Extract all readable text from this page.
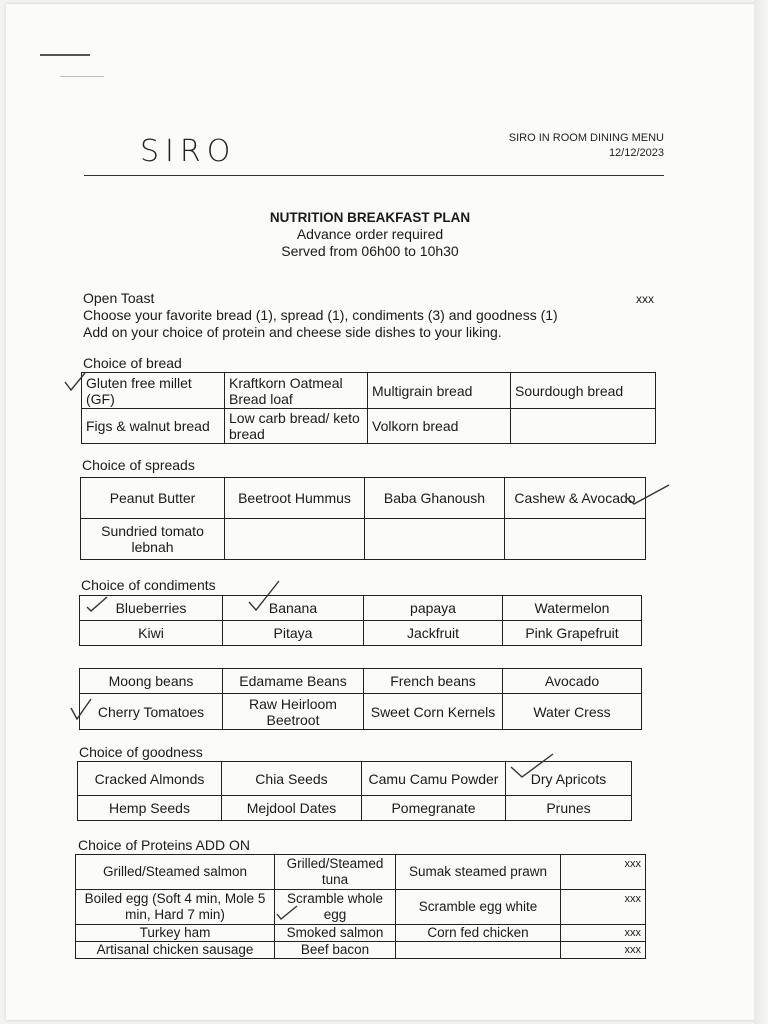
SIRO	SIRO IN ROOM DINING MENU
12/12/2023
NUTRITION BREAKFAST PLAN
Advance order required
Served from 06h00 to 10h30
Open Toast
Choose your favorite bread (1), spread (1), condiments (3) and goodness (1)
Add on your choice of protein and cheese side dishes to your liking.
xxx
Choice of bread
Gluten free millet (GF)	Kraftkorn Oatmeal Bread loaf	Multigrain bread	Sourdough bread
Figs & walnut bread	Low carb bread/ keto bread	Volkorn bread	
Choice of spreads
Peanut Butter	Beetroot Hummus	Baba Ghanoush	Cashew & Avocado
Sundried tomato lebnah			
Choice of condiments
Blueberries	Banana	papaya	Watermelon
Kiwi	Pitaya	Jackfruit	Pink Grapefruit
Moong beans	Edamame Beans	French beans	Avocado
Cherry Tomatoes	Raw Heirloom Beetroot	Sweet Corn Kernels	Water Cress
Choice of goodness
Cracked Almonds	Chia Seeds	Camu Camu Powder	Dry Apricots
Hemp Seeds	Mejdool Dates	Pomegranate	Prunes
Choice of Proteins ADD ON
Grilled/Steamed salmon	Grilled/Steamed tuna	Sumak steamed prawn	xxx
Boiled egg (Soft 4 min, Mole 5 min, Hard 7 min)	Scramble whole egg	Scramble egg white	xxx
Turkey ham	Smoked salmon	Corn fed chicken	xxx
Artisanal chicken sausage	Beef bacon		xxx
